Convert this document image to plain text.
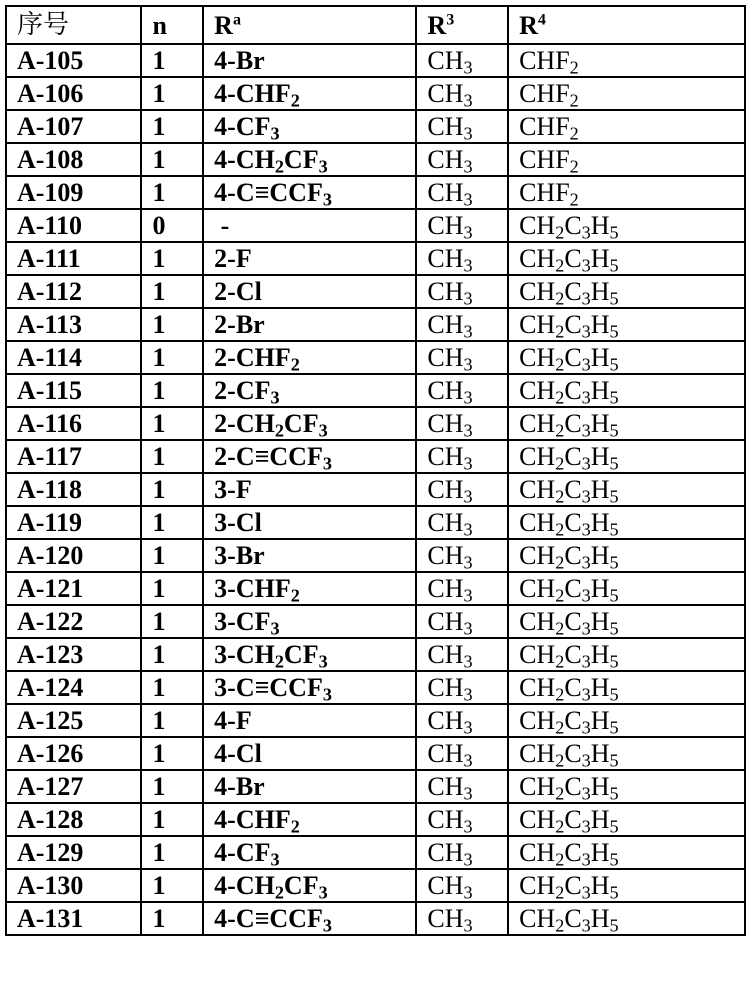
序号	n	$R^a$	$R^3$	$R^4$
A-105	1	4-Br	$CH_3$	$CHF_2$
A-106	1	$4-CHF_2$	$CH_3$	$CHF_2$
A-107	1	$4-CF_3$	$CH_3$	$CHF_2$
A-108	1	$4-CH_2CF_3$	$CH_3$	$CHF_2$
A-109	1	$4-C\equiv CCF_3$	$CH_3$	$CHF_2$
A-110	0	-	$CH_3$	$CH_2C_3H_5$
A-111	1	2-F	$CH_3$	$CH_2C_3H_5$
A-112	1	2-Cl	$CH_3$	$CH_2C_3H_5$
A-113	1	2-Br	$CH_3$	$CH_2C_3H_5$
A-114	1	$2-CHF_2$	$CH_3$	$CH_2C_3H_5$
A-115	1	$2-CF_3$	$CH_3$	$CH_2C_3H_5$
A-116	1	$2-CH_2CF_3$	$CH_3$	$CH_2C_3H_5$
A-117	1	$2-C\equiv CCF_3$	$CH_3$	$CH_2C_3H_5$
A-118	1	3-F	$CH_3$	$CH_2C_3H_5$
A-119	1	3-Cl	$CH_3$	$CH_2C_3H_5$
A-120	1	3-Br	$CH_3$	$CH_2C_3H_5$
A-121	1	$3-CHF_2$	$CH_3$	$CH_2C_3H_5$
A-122	1	$3-CF_3$	$CH_3$	$CH_2C_3H_5$
A-123	1	$3-CH_2CF_3$	$CH_3$	$CH_2C_3H_5$
A-124	1	$3-C\equiv CCF_3$	$CH_3$	$CH_2C_3H_5$
A-125	1	4-F	$CH_3$	$CH_2C_3H_5$
A-126	1	4-Cl	$CH_3$	$CH_2C_3H_5$
A-127	1	4-Br	$CH_3$	$CH_2C_3H_5$
A-128	1	$4-CHF_2$	$CH_3$	$CH_2C_3H_5$
A-129	1	$4-CF_3$	$CH_3$	$CH_2C_3H_5$
A-130	1	$4-CH_2CF_3$	$CH_3$	$CH_2C_3H_5$
A-131	1	$4-C\equiv CCF_3$	$CH_3$	$CH_2C_3H_5$
